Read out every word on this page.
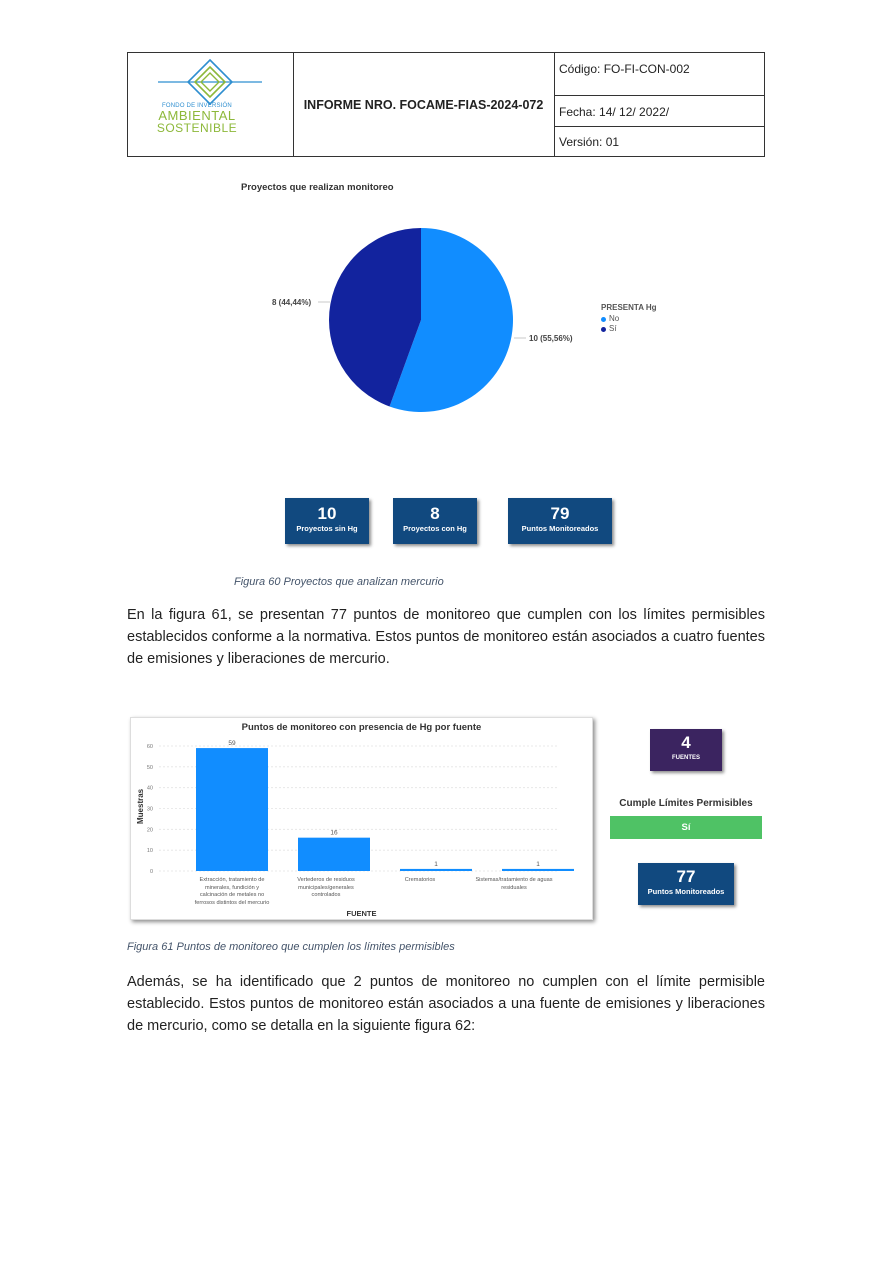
FONDO DE INVERSIÓN
AMBIENTAL
SOSTENIBLE
INFORME NRO. FOCAME-FIAS-2024-072
Código: FO-FI-CON-002
Fecha: 14/ 12/ 2022/
Versión: 01
Proyectos que realizan monitoreo
8 (44,44%)
10 (55,56%)
PRESENTA Hg
No
Sí
10
Proyectos sin Hg
8
Proyectos con Hg
79
Puntos Monitoreados
Figura 60 Proyectos que analizan mercurio
En la figura 61, se presentan 77 puntos de monitoreo que cumplen con los límites permisibles establecidos conforme a la normativa. Estos puntos de monitoreo están asociados a cuatro fuentes de emisiones y liberaciones de mercurio.
0
10
20
30
40
50
60	59
16
1	1
Puntos de monitoreo con presencia de Hg por fuente
Muestras
FUENTE
Extracción, tratamiento de minerales, fundición y calcinación de metales no ferrosos distintos del mercurio
Vertederos de residuos municipales/generales controlados
Crematorios	Sistemas/tratamiento de aguas residuales
4
FUENTES
Cumple Límites Permisibles
Sí
77
Puntos Monitoreados
Figura 61 Puntos de monitoreo que cumplen los límites permisibles
Además, se ha identificado que 2 puntos de monitoreo no cumplen con el límite permisible establecido. Estos puntos de monitoreo están asociados a una fuente de emisiones y liberaciones de mercurio, como se detalla en la siguiente figura 62:
